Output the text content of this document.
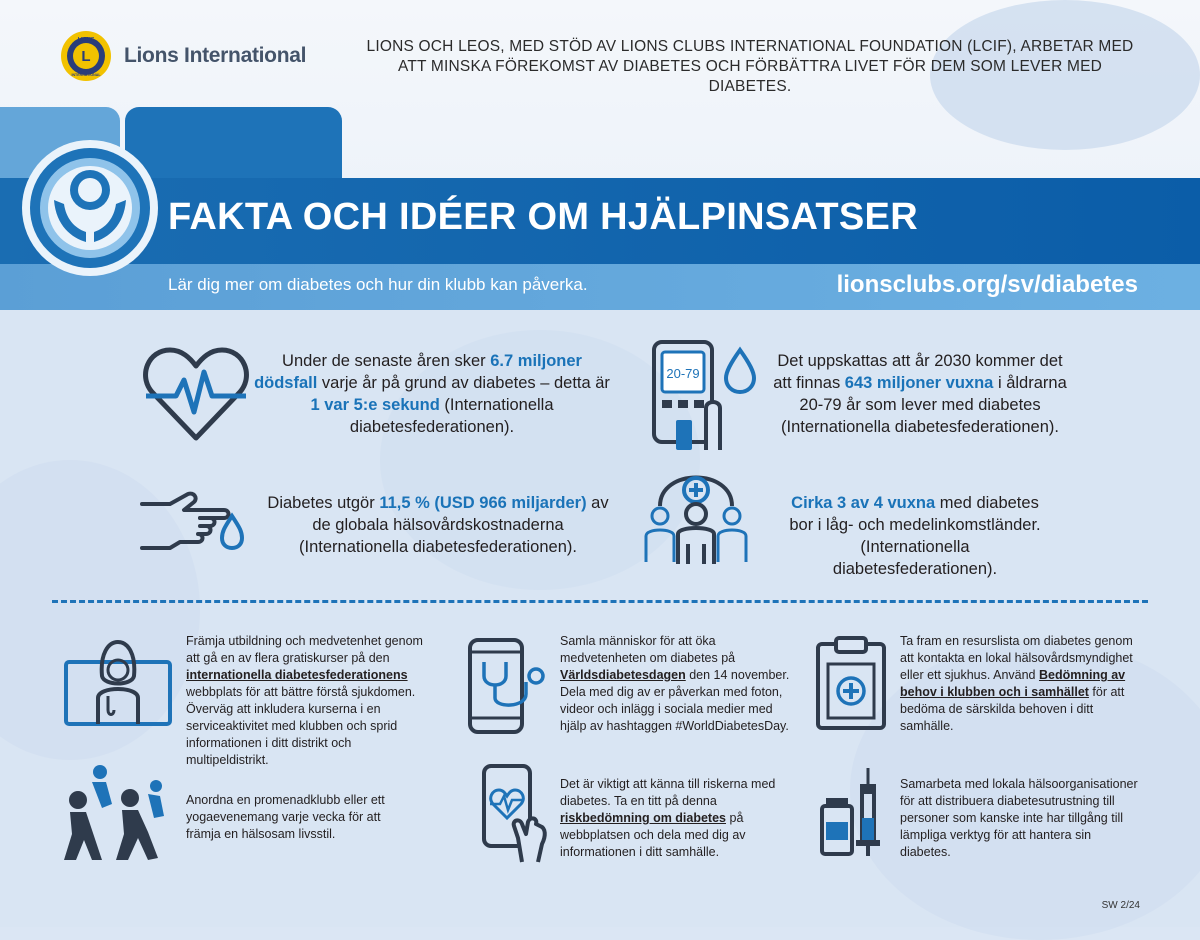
L
LIONS
INTERNATIONAL
Lions International	LIONS OCH LEOS, MED STÖD AV LIONS CLUBS INTERNATIONAL FOUNDATION (LCIF), ARBETAR MED ATT MINSKA FÖREKOMST AV DIABETES OCH FÖRBÄTTRA LIVET FÖR DEM SOM LEVER MED DIABETES.
FAKTA OCH IDÉER OM HJÄLPINSATSER
Lär dig mer om diabetes och hur din klubb kan påverka.	lionsclubs.org/sv/diabetes
Under de senaste åren sker 6.7 miljoner dödsfall varje år på grund av diabetes – detta är 1 var 5:e sekund (Internationella diabetesfederationen).
20-79
Det uppskattas att år 2030 kommer det att finnas 643 miljoner vuxna i åldrarna 20-79 år som lever med diabetes (Internationella diabetesfederationen).
Diabetes utgör 11,5 % (USD 966 miljarder) av de globala hälsovårdskostnaderna (Internationella diabetesfederationen).
Cirka 3 av 4 vuxna med diabetes bor i låg- och medelinkomstländer. (Internationella diabetesfederationen).
Främja utbildning och medvetenhet genom att gå en av flera gratiskurser på den internationella diabetesfederationens webbplats för att bättre förstå sjukdomen. Överväg att inkludera kurserna i en serviceaktivitet med klubben och sprid informationen i ditt distrikt och multipeldistrikt.
Samla människor för att öka medvetenheten om diabetes på Världsdiabetesdagen den 14 november. Dela med dig av er påverkan med foton, videor och inlägg i sociala medier med hjälp av hashtaggen #WorldDiabetesDay.
Ta fram en resurslista om diabetes genom att kontakta en lokal hälsovårdsmyndighet eller ett sjukhus. Använd Bedömning av behov i klubben och i samhället för att bedöma de särskilda behoven i ditt samhälle.
Anordna en promenadklubb eller ett yogaevenemang varje vecka för att främja en hälsosam livsstil.
Det är viktigt att känna till riskerna med diabetes. Ta en titt på denna riskbedömning om diabetes på webbplatsen och dela med dig av informationen i ditt samhälle.
Samarbeta med lokala hälsoorganisationer för att distribuera diabetesutrustning till personer som kanske inte har tillgång till lämpliga verktyg för att hantera sin diabetes.
SW 2/24
